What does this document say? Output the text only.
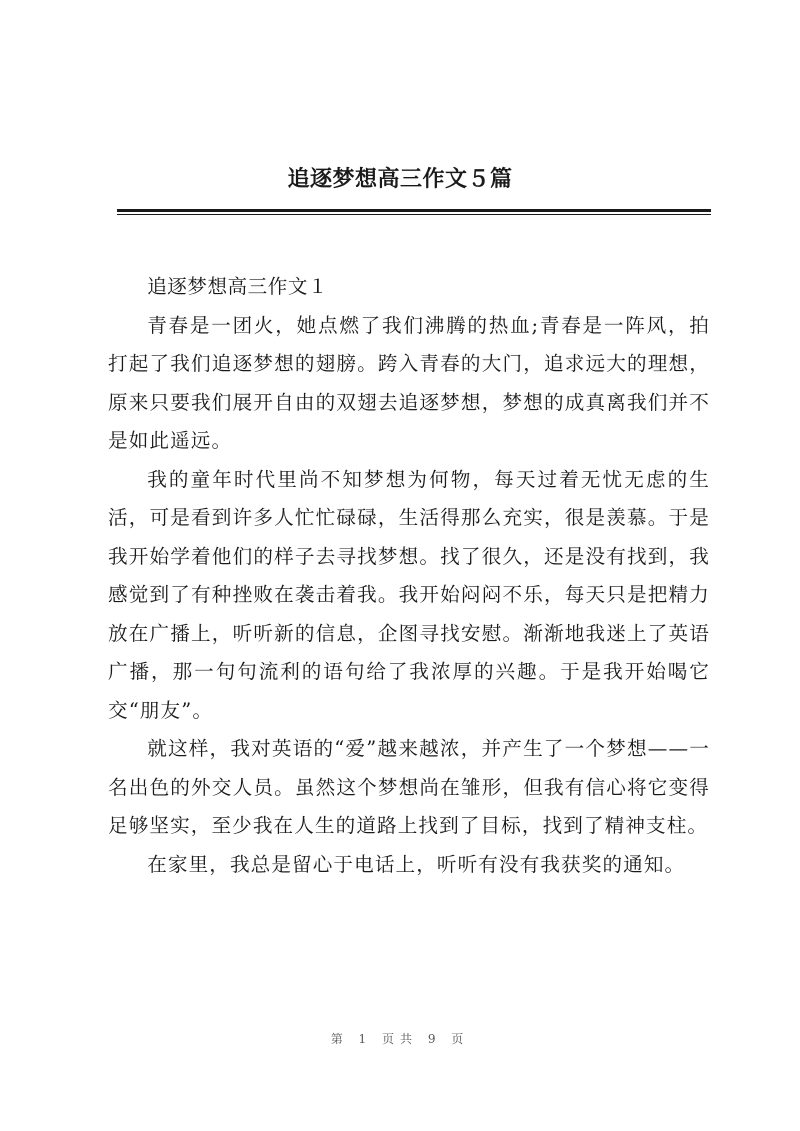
追逐梦想高三作文５篇

追逐梦想高三作文１

青春是一团火，她点燃了我们沸腾的热血;青春是一阵风，拍打起了我们追逐梦想的翅膀。跨入青春的大门，追求远大的理想，原来只要我们展开自由的双翅去追逐梦想，梦想的成真离我们并不是如此遥远。

我的童年时代里尚不知梦想为何物，每天过着无忧无虑的生活，可是看到许多人忙忙碌碌，生活得那么充实，很是羡慕。于是我开始学着他们的样子去寻找梦想。找了很久，还是没有找到，我感觉到了有种挫败在袭击着我。我开始闷闷不乐，每天只是把精力放在广播上，听听新的信息，企图寻找安慰。渐渐地我迷上了英语广播，那一句句流利的语句给了我浓厚的兴趣。于是我开始喝它交“朋友”。

就这样，我对英语的“爱”越来越浓，并产生了一个梦想——一名出色的外交人员。虽然这个梦想尚在雏形，但我有信心将它变得足够坚实，至少我在人生的道路上找到了目标，找到了精神支柱。

在家里，我总是留心于电话上，听听有没有我获奖的通知。

第 1 页共 9 页
